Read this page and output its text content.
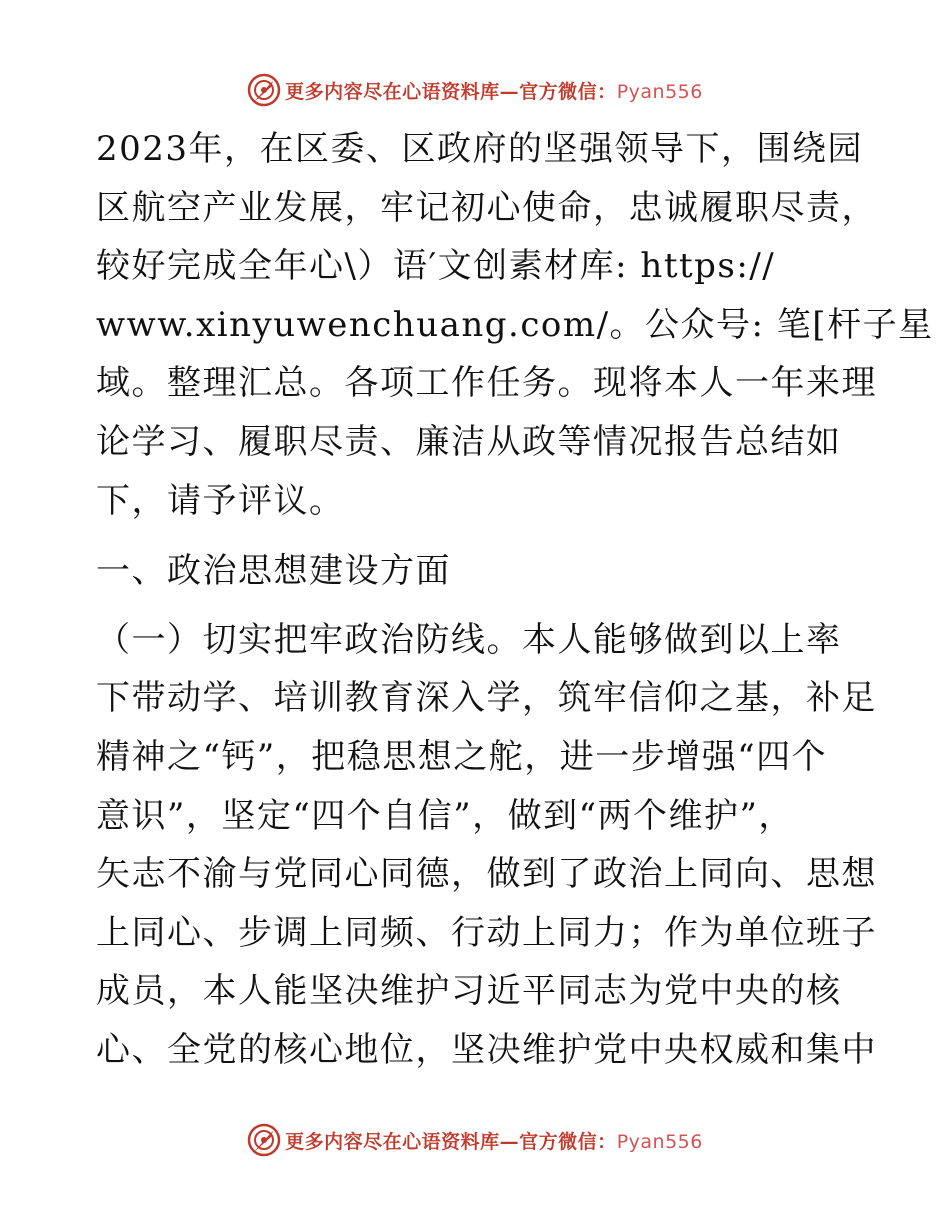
更多内容尽在心语资料库—官方微信：Pyan556
2023年，在区委、区政府的坚强领导下，围绕园
区航空产业发展，牢记初心使命，忠诚履职尽责，
较好完成全年心\）语′文创素材库: https://
www.xinyuwenchuang.com/。公众号: 笔[杆子星
域。整理汇总。各项工作任务。现将本人一年来理
论学习、履职尽责、廉洁从政等情况报告总结如
下，请予评议。
一、政治思想建设方面
（一）切实把牢政治防线。本人能够做到以上率
下带动学、培训教育深入学，筑牢信仰之基，补足
精神之“钙”，把稳思想之舵，进一步增强“四个
意识”，坚定“四个自信”，做到“两个维护”，
矢志不渝与党同心同德，做到了政治上同向、思想
上同心、步调上同频、行动上同力；作为单位班子
成员，本人能坚决维护习近平同志为党中央的核
心、全党的核心地位，坚决维护党中央权威和集中
更多内容尽在心语资料库—官方微信：Pyan556
